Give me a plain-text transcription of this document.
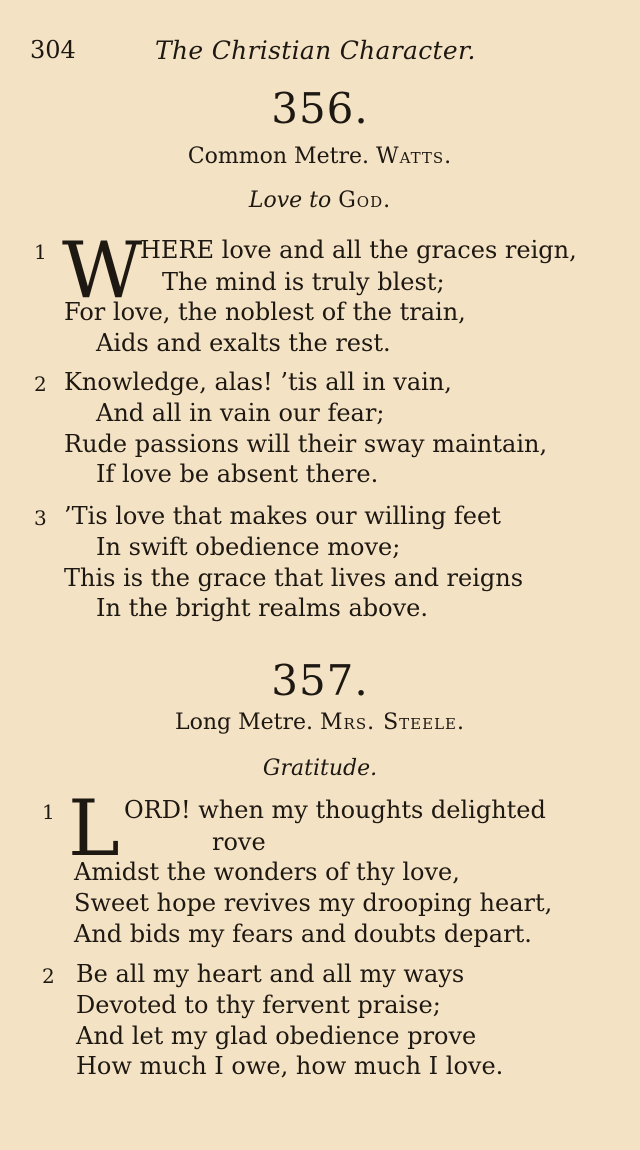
304	The Christian Character.
356.
Common Metre. Watts.
Love to God.
1 W
HERE love and all the graces reign,
The mind is truly blest;
For love, the noblest of the train,
Aids and exalts the rest.
2 Knowledge, alas! ’tis all in vain,
And all in vain our fear;
Rude passions will their sway maintain,
If love be absent there.
3 ’Tis love that makes our willing feet
In swift obedience move;
This is the grace that lives and reigns
In the bright realms above.
357.
Long Metre. Mrs. Steele.
Gratitude.
1 L ORD! when my thoughts delighted
rove
Amidst the wonders of thy love,
Sweet hope revives my drooping heart,
And bids my fears and doubts depart.
2 Be all my heart and all my ways
Devoted to thy fervent praise;
And let my glad obedience prove
How much I owe, how much I love.
